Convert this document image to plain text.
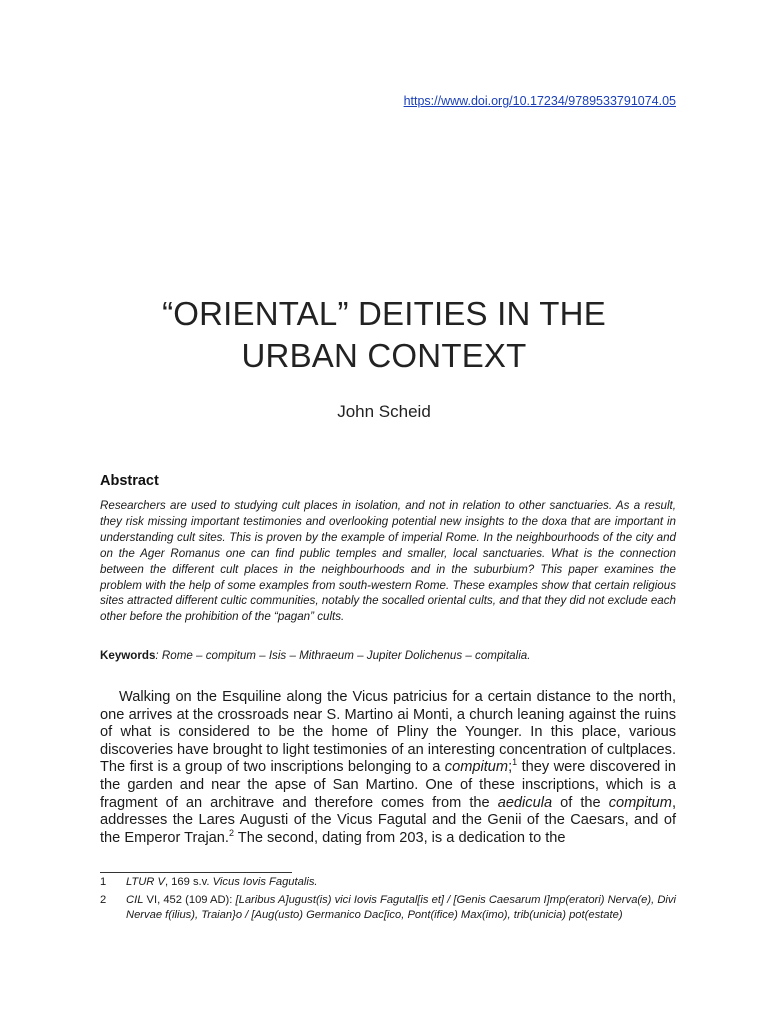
https://www.doi.org/10.17234/9789533791074.05
“ORIENTAL” DEITIES IN THE
URBAN CONTEXT
John Scheid
Abstract

Researchers are used to studying cult places in isolation, and not in relation to other sanctuaries. As a result, they risk missing important testimonies and overlooking potential new insights to the doxa that are important in understanding cult sites. This is proven by the example of imperial Rome. In the neighbourhoods of the city and on the Ager Romanus one can find public temples and smaller, local sanctuaries. What is the connection between the different cult places in the neighbourhoods and in the suburbium? This paper examines the problem with the help of some examples from south-western Rome. These examples show that certain religious sites attracted different cultic communities, notably the socalled oriental cults, and that they did not exclude each other before the prohibition of the “pagan” cults.

Keywords: Rome – compitum – Isis – Mithraeum – Jupiter Dolichenus – compitalia.

Walking on the Esquiline along the Vicus patricius for a certain distance to the north, one arrives at the crossroads near S. Martino ai Monti, a church leaning against the ruins of what is considered to be the home of Pliny the Younger. In this place, various discoveries have brought to light testimonies of an interesting concentration of cultplaces. The first is a group of two inscriptions belonging to a compitum;$^1$ they were discovered in the garden and near the apse of San Martino. One of these inscriptions, which is a fragment of an architrave and therefore comes from the aedicula of the compitum, addresses the Lares Augusti of the Vicus Fagutal and the Genii of the Caesars, and of the Emperor Trajan.$^2$ The second, dating from 203, is a dedication to the

1 LTUR V, 169 s.v. Vicus Iovis Fagutalis.
2 CIL VI, 452 (109 AD): [Laribus A]ugust(is) vici Iovis Fagutal[is et] / [Genis Caesarum I]mp(eratori) Nerva(e), Divi Nervae f(ilius), Traian}o / [Aug(usto) Germanico Dac[ico, Pont(ifice) Max(imo), trib(unicia) pot(estate)
